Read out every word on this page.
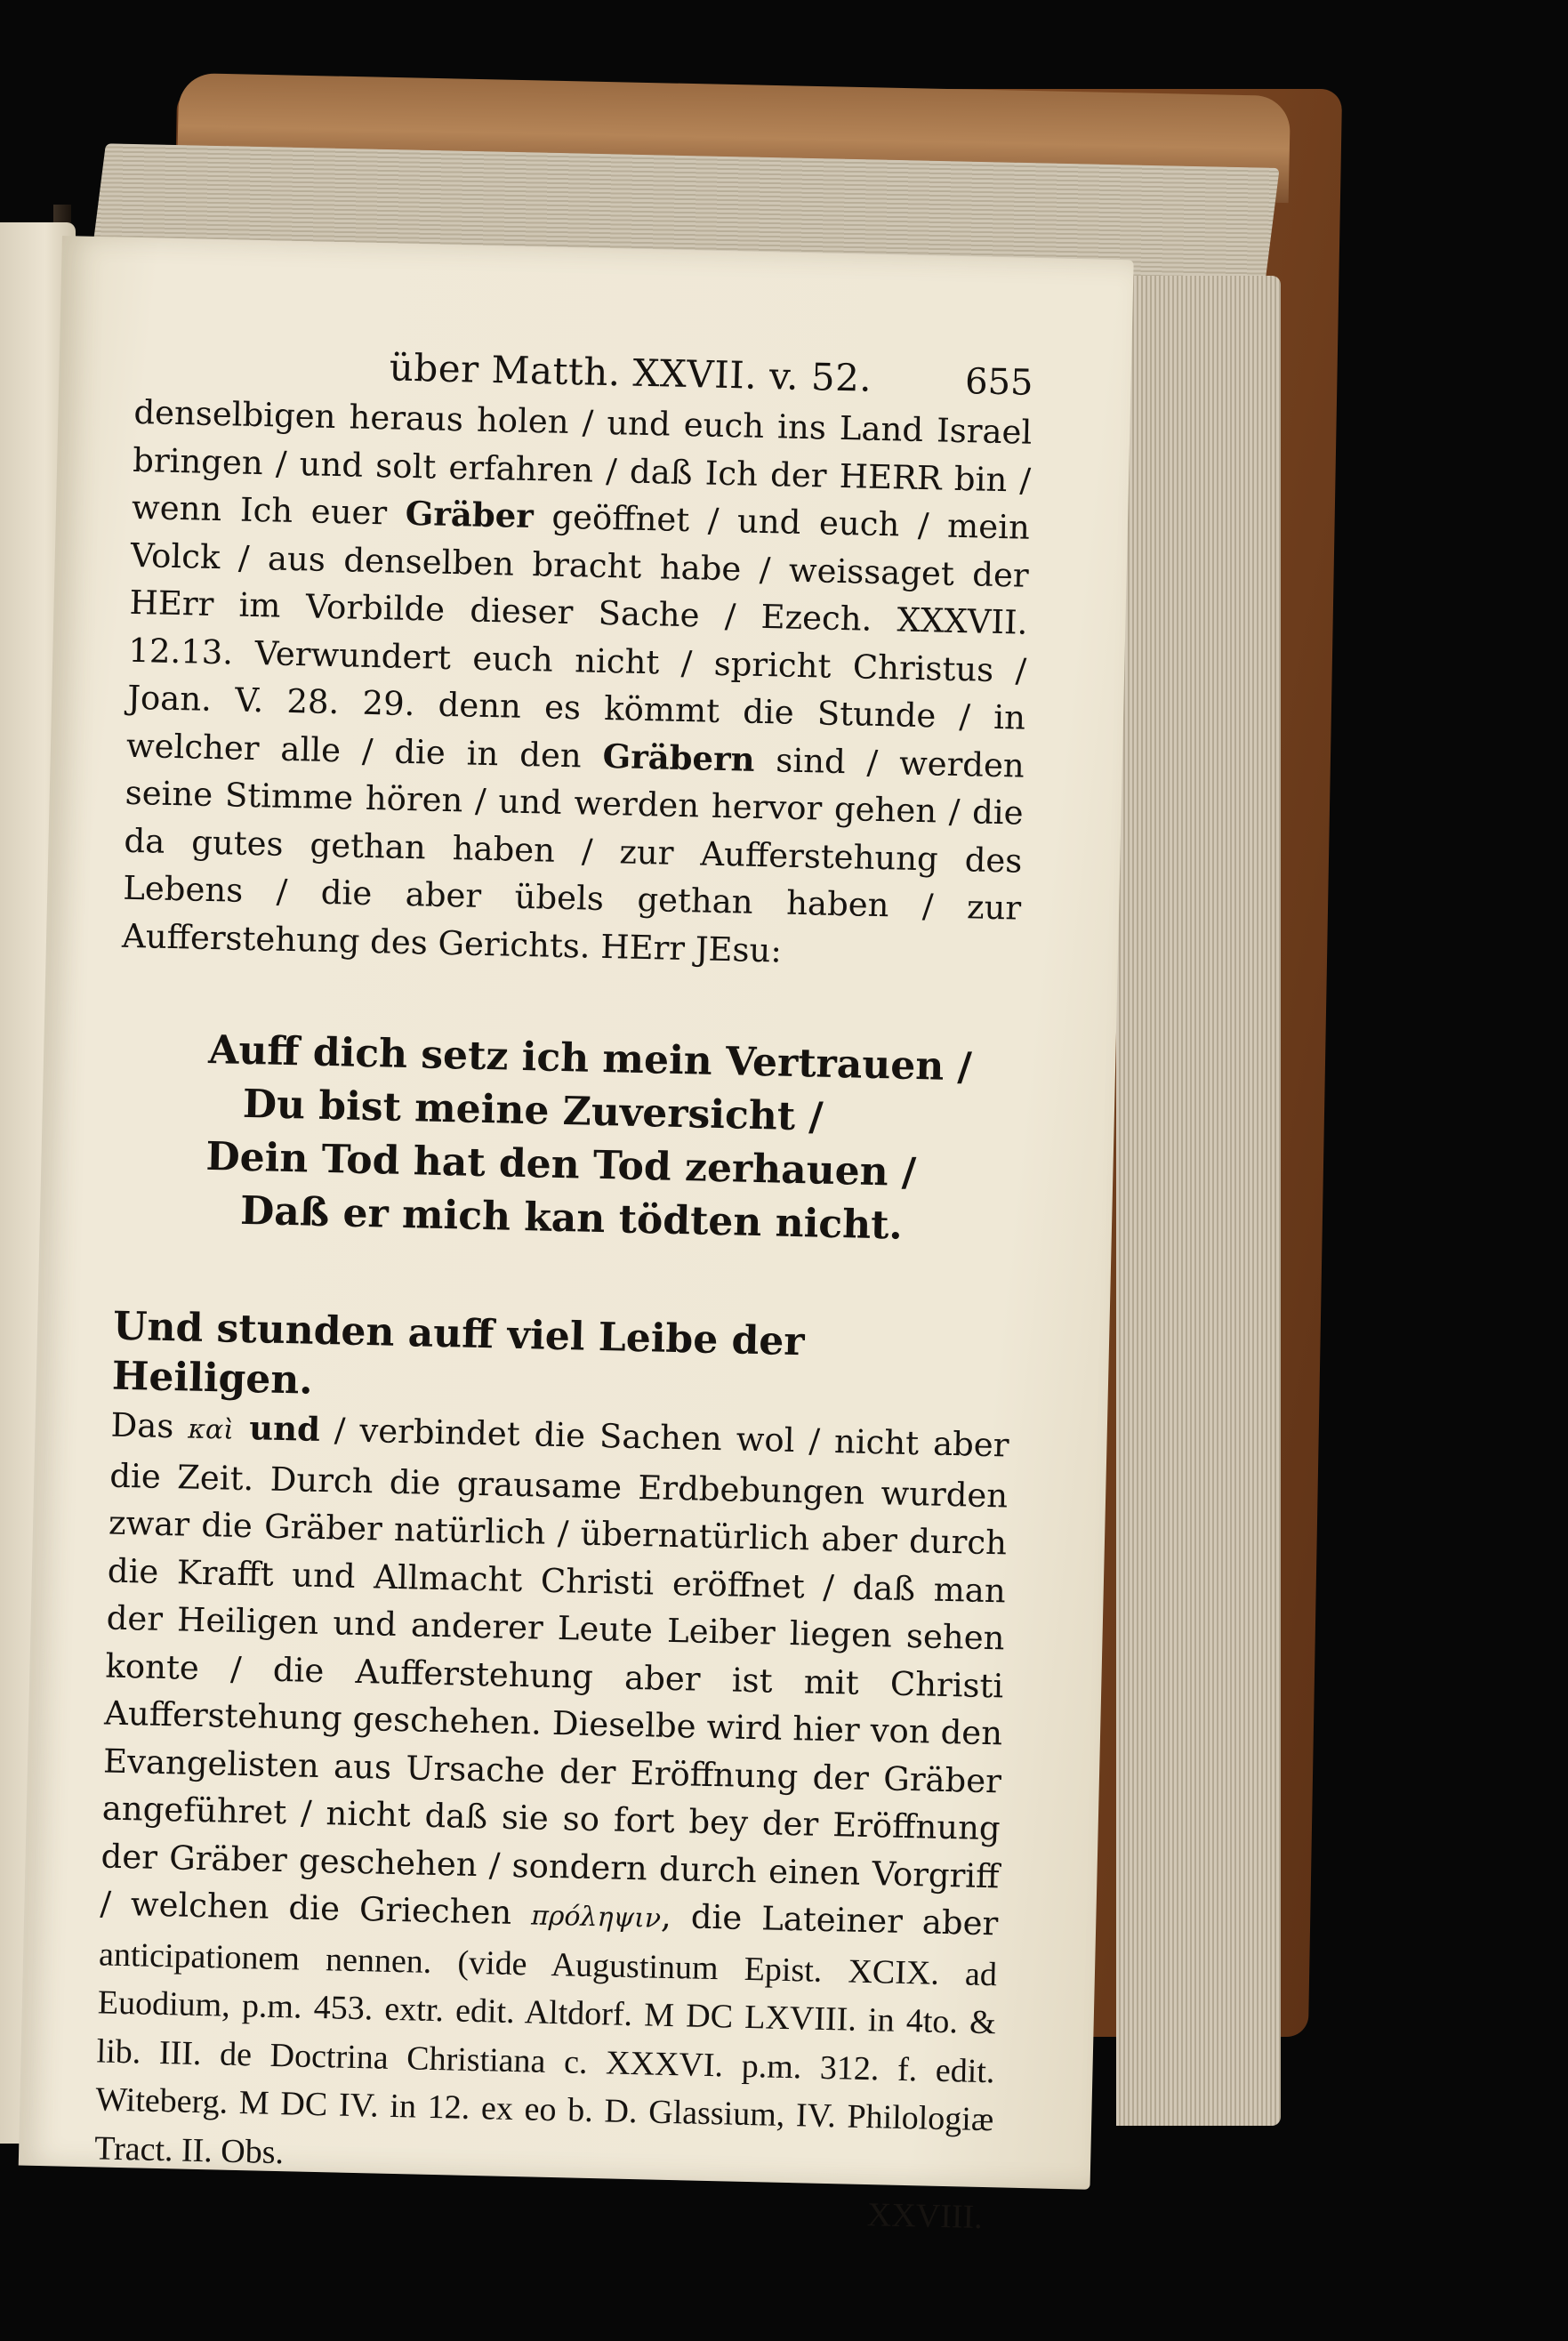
über Matth. XXVII. v. 52.	655

denselbigen heraus holen / und euch ins Land Israel bringen / und solt erfahren / daß Ich der HERR bin / wenn Ich euer Gräber geöffnet / und euch / mein Volck / aus denselben bracht habe / weissaget der HErr im Vorbilde dieser Sache / Ezech. XXXVII. 12.13. Verwundert euch nicht / spricht Christus / Joan. V. 28. 29. denn es kömmt die Stunde / in welcher alle / die in den Gräbern sind / werden seine Stimme hören / und werden hervor gehen / die da gutes gethan haben / zur Aufferstehung des Lebens / die aber übels gethan haben / zur Aufferstehung des Gerichts. HErr JEsu:

Auff dich setz ich mein Vertrauen /
Du bist meine Zuversicht /
Dein Tod hat den Tod zerhauen /
Daß er mich kan tödten nicht.

Und stunden auff viel Leibe der Heiligen.

Das καὶ und / verbindet die Sachen wol / nicht aber die Zeit. Durch die grausame Erdbebungen wurden zwar die Gräber natürlich / übernatürlich aber durch die Krafft und Allmacht Christi eröffnet / daß man der Heiligen und anderer Leute Leiber liegen sehen konte / die Aufferstehung aber ist mit Christi Aufferstehung geschehen. Dieselbe wird hier von den Evangelisten aus Ursache der Eröffnung der Gräber angeführet / nicht daß sie so fort bey der Eröffnung der Gräber geschehen / sondern durch einen Vorgriff / welchen die Griechen πρόληψιν, die Lateiner aber anticipationem nennen. (vide Augustinum Epist. XCIX. ad Euodium, p.m. 453. extr. edit. Altdorf. M DC LXVIII. in 4to. & lib. III. de Doctrina Christiana c. XXXVI. p.m. 312. f. edit. Witeberg. M DC IV. in 12. ex eo b. D. Glassium, IV. Philologiæ Tract. II. Obs.

XXVIII.
